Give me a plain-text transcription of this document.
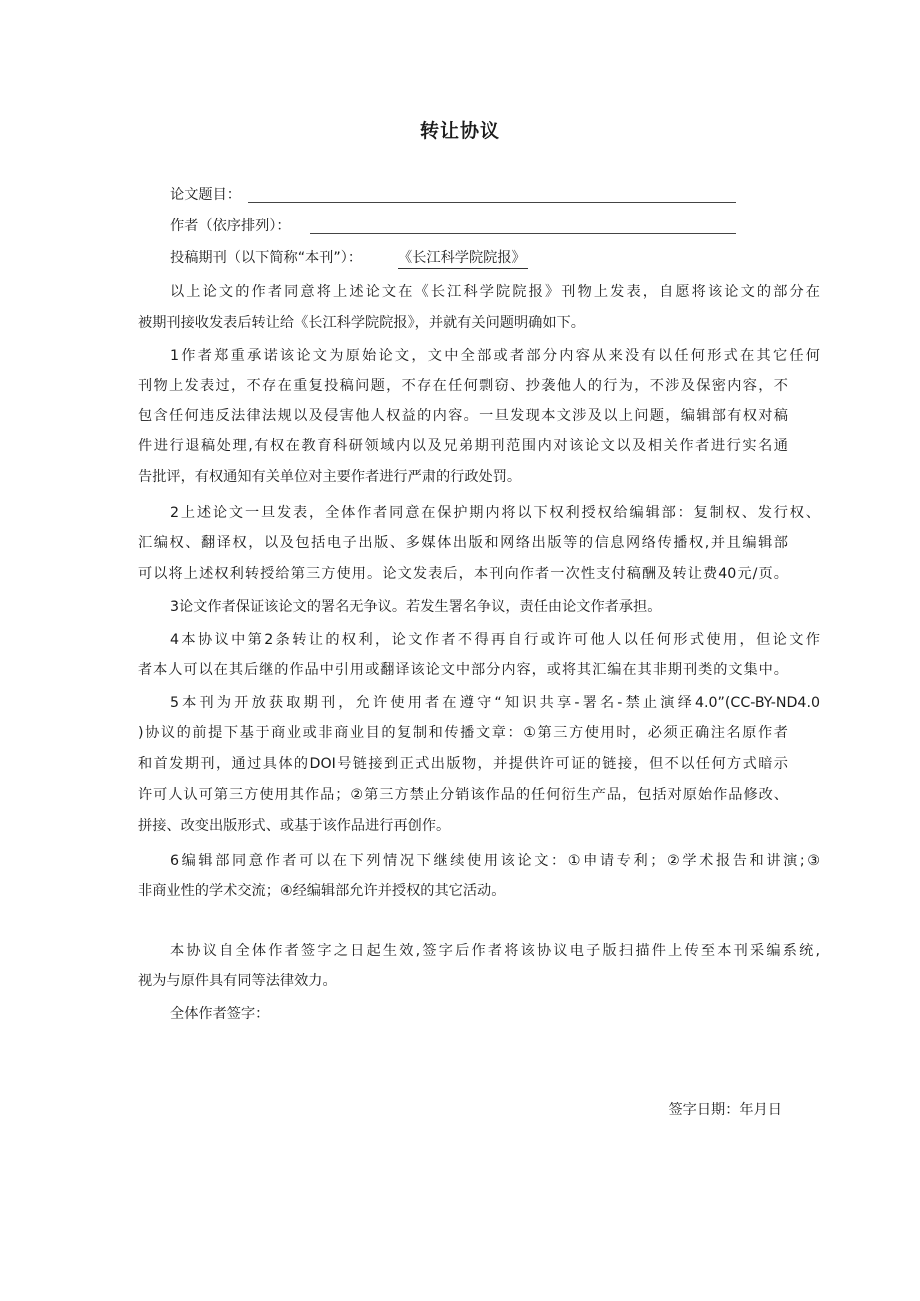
转让协议
论文题目：
作者（依序排列）：
投稿期刊（以下简称“本刊”）：	《长江科学院院报》
以上论文的作者同意将上述论文在《长江科学院院报》刊物上发表，自愿将该论文的部分在
被期刊接收发表后转让给《长江科学院院报》，并就有关问题明确如下。
1作者郑重承诺该论文为原始论文，文中全部或者部分内容从来没有以任何形式在其它任何
刊物上发表过，不存在重复投稿问题，不存在任何剽窃、抄袭他人的行为，不涉及保密内容，不
包含任何违反法律法规以及侵害他人权益的内容。一旦发现本文涉及以上问题，编辑部有权对稿
件进行退稿处理,有权在教育科研领域内以及兄弟期刊范围内对该论文以及相关作者进行实名通
告批评，有权通知有关单位对主要作者进行严肃的行政处罚。
2上述论文一旦发表，全体作者同意在保护期内将以下权利授权给编辑部：复制权、发行权、
汇编权、翻译权，以及包括电子出版、多媒体出版和网络出版等的信息网络传播权,并且编辑部
可以将上述权利转授给第三方使用。论文发表后，本刊向作者一次性支付稿酬及转让费40元/页。
3论文作者保证该论文的署名无争议。若发生署名争议，责任由论文作者承担。
4本协议中第2条转让的权利，论文作者不得再自行或许可他人以任何形式使用，但论文作
者本人可以在其后继的作品中引用或翻译该论文中部分内容，或将其汇编在其非期刊类的文集中。
5本刊为开放获取期刊，允许使用者在遵守“知识共享-署名-禁止演绎4.0”(CC-BY-ND4.0
)协议的前提下基于商业或非商业目的复制和传播文章：①第三方使用时，必须正确注名原作者
和首发期刊，通过具体的DOI号链接到正式出版物，并提供许可证的链接，但不以任何方式暗示
许可人认可第三方使用其作品；②第三方禁止分销该作品的任何衍生产品，包括对原始作品修改、
拼接、改变出版形式、或基于该作品进行再创作。
6编辑部同意作者可以在下列情况下继续使用该论文：①申请专利；②学术报告和讲演;③
非商业性的学术交流；④经编辑部允许并授权的其它活动。
本协议自全体作者签字之日起生效,签字后作者将该协议电子版扫描件上传至本刊采编系统,
视为与原件具有同等法律效力。
全体作者签字：
签字日期：年月日
